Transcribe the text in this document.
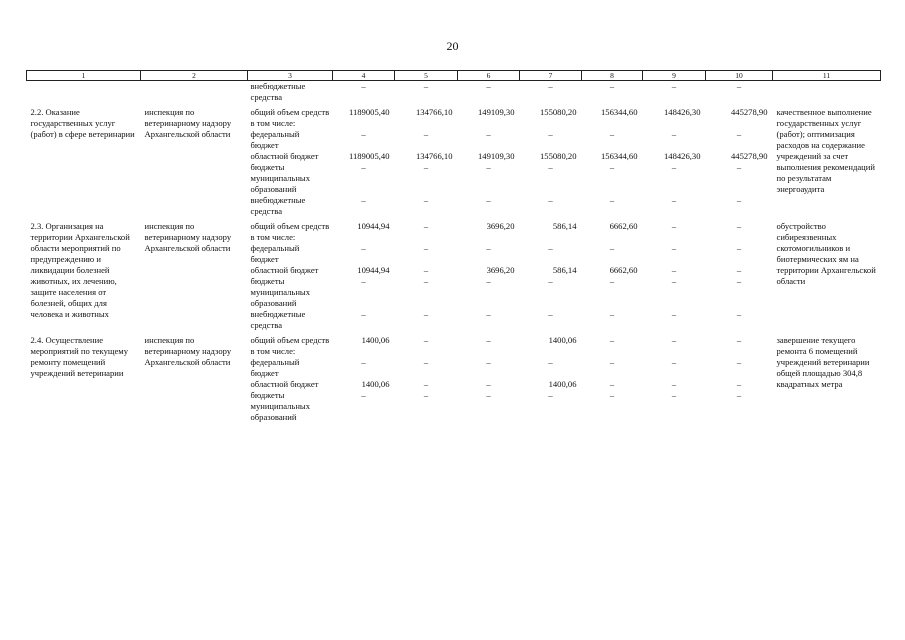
20
1	2	3	4	5	6	7	8	9	10	11
		внебюджетные средства	–	–	–	–	–	–	–	

2.2. Оказание государственных услуг (работ) в сфере ветеринарии	инспекция по ветеринарному надзору Архангельской области	общий объем средств	1189005,40	134766,10	149109,30	155080,20	156344,60	148426,30	445278,90	качественное выполнение государственных услуг (работ); оптимизация расходов на содержание учреждений за счет выполнения рекомендаций по результатам энергоаудита
		в том числе:								
		федеральный бюджет	–	–	–	–	–	–	–	
		областной бюджет	1189005,40	134766,10	149109,30	155080,20	156344,60	148426,30	445278,90	
		бюджеты муниципальных образований	–	–	–	–	–	–	–	
		внебюджетные средства	–	–	–	–	–	–	–	

2.3. Организация на территории Архангельской области мероприятий по предупреждению и ликвидации болезней животных, их лечению, защите населения от болезней, общих для человека и животных	инспекция по ветеринарному надзору Архангельской области	общий объем средств	10944,94	–	3696,20	586,14	6662,60	–	–	обустройство сибиреязвенных скотомогильников и биотермических ям на территории Архангельской области
		в том числе:								
		федеральный бюджет	–	–	–	–	–	–	–	
		областной бюджет	10944,94	–	3696,20	586,14	6662,60	–	–	
		бюджеты муниципальных образований	–	–	–	–	–	–	–	
		внебюджетные средства	–	–	–	–	–	–	–	

2.4. Осуществление мероприятий по текущему ремонту помещений учреждений ветеринарии	инспекция по ветеринарному надзору Архангельской области	общий объем средств	1400,06	–	–	1400,06	–	–	–	завершение текущего ремонта 6 помещений учреждений ветеринарии общей площадью 304,8 квадратных метра
		в том числе:								
		федеральный бюджет	–	–	–	–	–	–	–	
		областной бюджет	1400,06	–	–	1400,06	–	–	–	
		бюджеты муниципальных образований	–	–	–	–	–	–	–	
